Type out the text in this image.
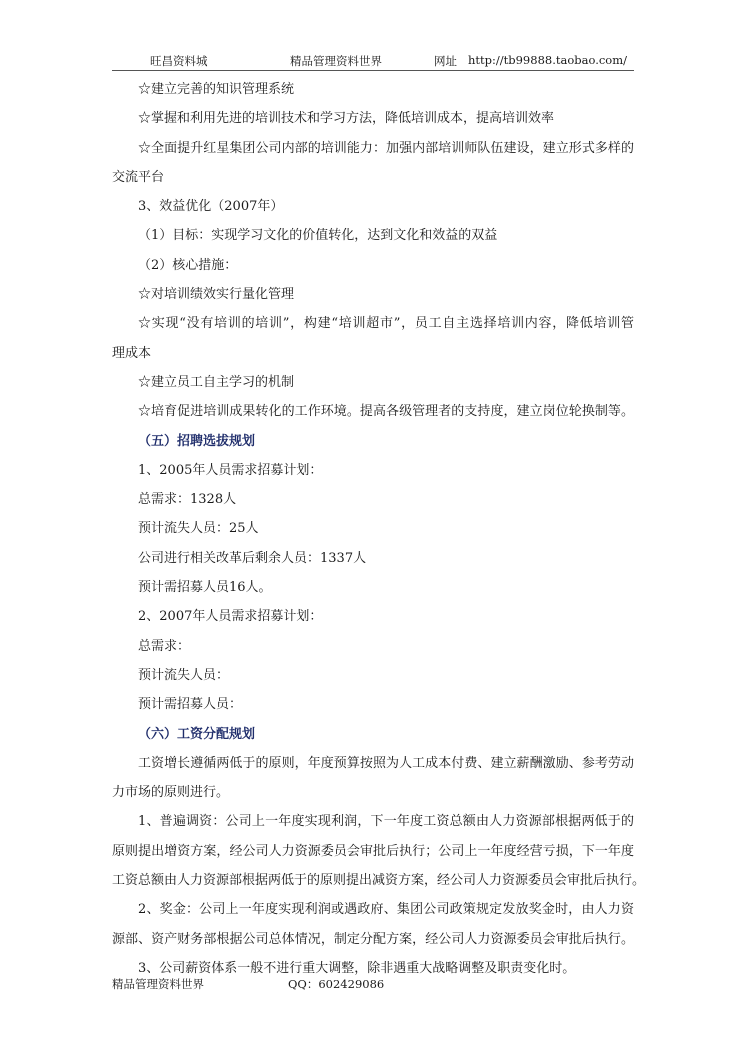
旺昌资料城	精品管理资料世界	网址 http://tb99888.taobao.com/

☆建立完善的知识管理系统

☆掌握和利用先进的培训技术和学习方法，降低培训成本，提高培训效率

☆全面提升红星集团公司内部的培训能力：加强内部培训师队伍建设，建立形式多样的

交流平台

3、效益优化（2007年）

（1）目标：实现学习文化的价值转化，达到文化和效益的双益

（2）核心措施：

☆对培训绩效实行量化管理

☆实现“没有培训的培训”，构建“培训超市”，员工自主选择培训内容，降低培训管

理成本

☆建立员工自主学习的机制

☆培育促进培训成果转化的工作环境。提高各级管理者的支持度，建立岗位轮换制等。

（五）招聘选拔规划

1、2005年人员需求招募计划：

总需求：1328人

预计流失人员：25人

公司进行相关改革后剩余人员：1337人

预计需招募人员16人。

2、2007年人员需求招募计划：

总需求：

预计流失人员：

预计需招募人员：

（六）工资分配规划

工资增长遵循两低于的原则，年度预算按照为人工成本付费、建立薪酬激励、参考劳动

力市场的原则进行。

1、普遍调资：公司上一年度实现利润，下一年度工资总额由人力资源部根据两低于的

原则提出增资方案，经公司人力资源委员会审批后执行；公司上一年度经营亏损，下一年度

工资总额由人力资源部根据两低于的原则提出减资方案，经公司人力资源委员会审批后执行。

2、奖金：公司上一年度实现利润或遇政府、集团公司政策规定发放奖金时，由人力资

源部、资产财务部根据公司总体情况，制定分配方案，经公司人力资源委员会审批后执行。

3、公司薪资体系一般不进行重大调整，除非遇重大战略调整及职责变化时。

精品管理资料世界	QQ：602429086
